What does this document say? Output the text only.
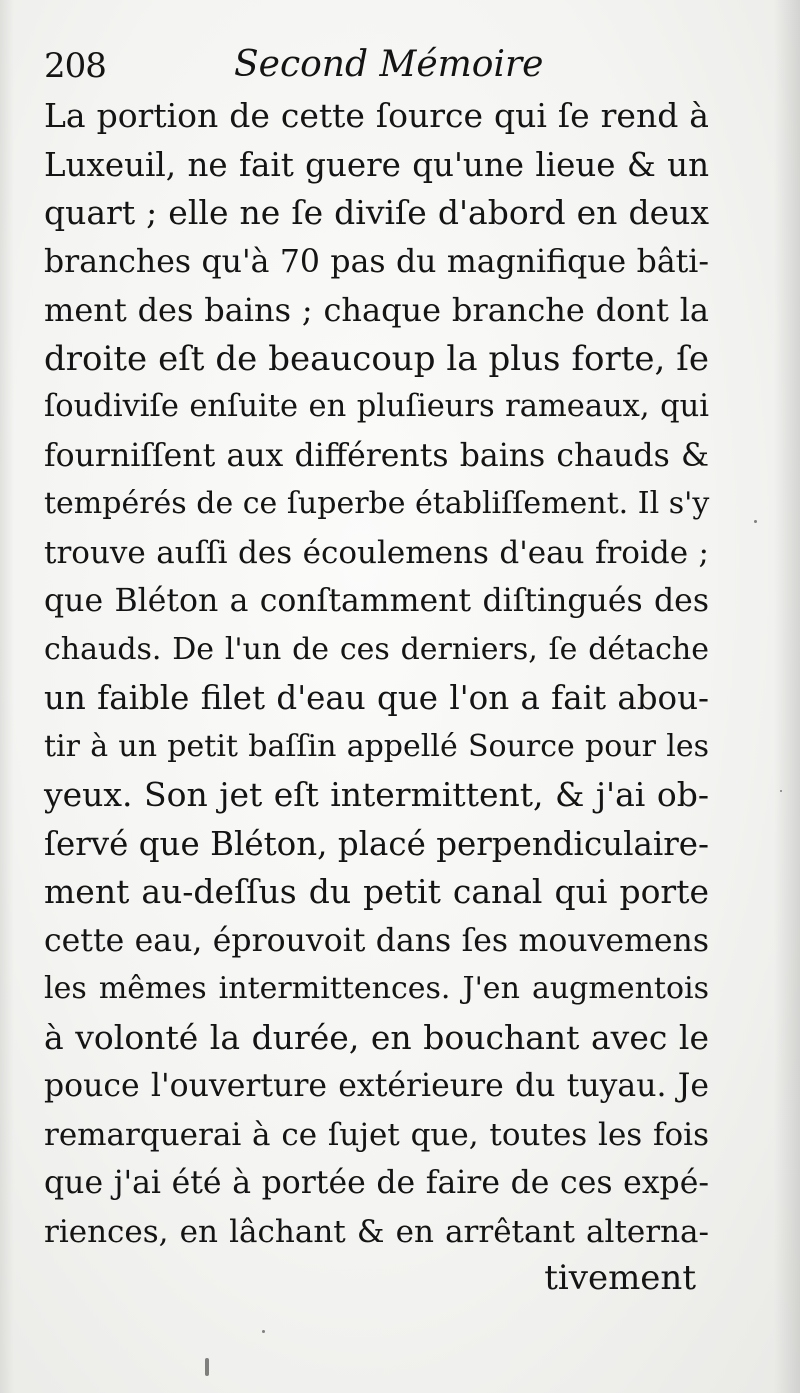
208	Second Mémoire
La portion de cette ſource qui ſe rend à
Luxeuil, ne fait guere qu'une lieue & un
quart ; elle ne ſe diviſe d'abord en deux
branches qu'à 70 pas du magnifique bâti-
ment des bains ; chaque branche dont la
droite eſt de beaucoup la plus forte, ſe
ſoudiviſe enſuite en pluſieurs rameaux, qui
fourniſſent aux différents bains chauds &
tempérés de ce ſuperbe établiſſement. Il s'y
trouve auſſi des écoulemens d'eau froide ;
que Bléton a conſtamment diſtingués des
chauds. De l'un de ces derniers, ſe détache
un faible filet d'eau que l'on a fait abou-
tir à un petit baſſin appellé Source pour les
yeux. Son jet eſt intermittent, & j'ai ob-
ſervé que Bléton, placé perpendiculaire-
ment au-deſſus du petit canal qui porte
cette eau, éprouvoit dans ſes mouvemens
les mêmes intermittences. J'en augmentois
à volonté la durée, en bouchant avec le
pouce l'ouverture extérieure du tuyau. Je
remarquerai à ce ſujet que, toutes les fois
que j'ai été à portée de faire de ces expé-
riences, en lâchant & en arrêtant alterna-
tivement
